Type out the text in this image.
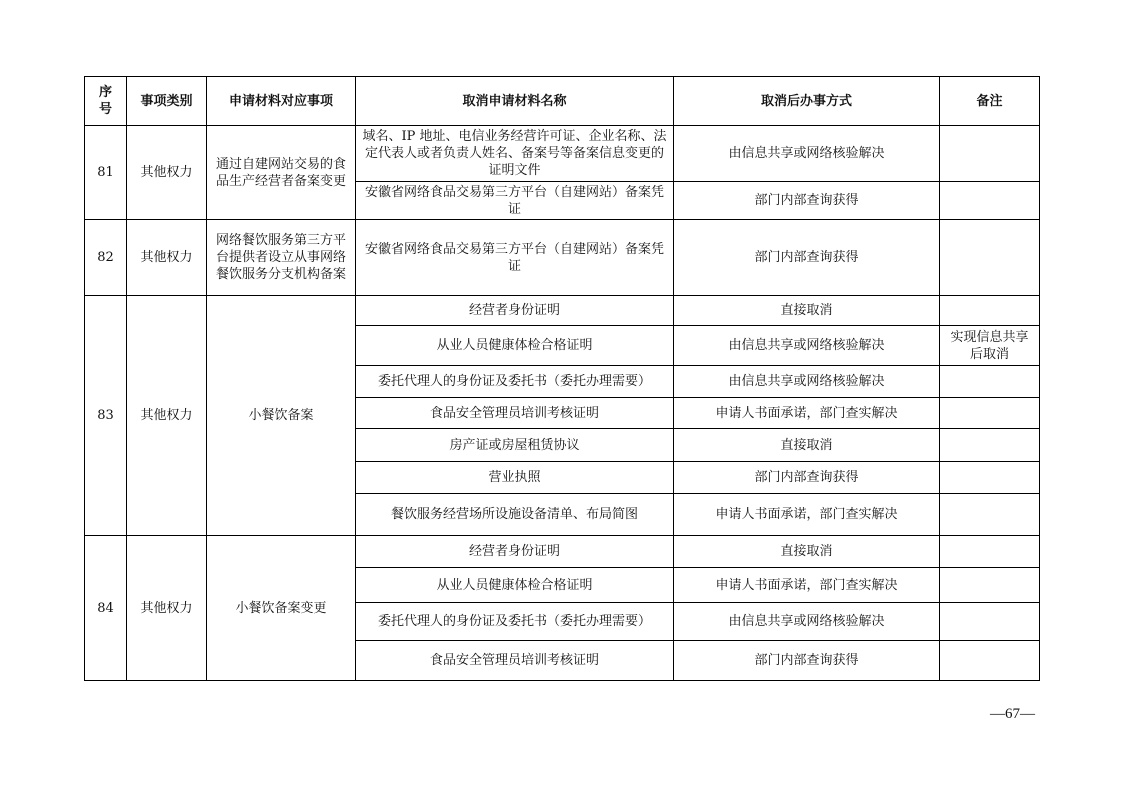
序号	事项类别	申请材料对应事项	取消申请材料名称	取消后办事方式	备注
81	其他权力	通过自建网站交易的食品生产经营者备案变更	域名、IP 地址、电信业务经营许可证、企业名称、法定代表人或者负责人姓名、备案号等备案信息变更的证明文件	由信息共享或网络核验解决	
			安徽省网络食品交易第三方平台（自建网站）备案凭证	部门内部查询获得	
82	其他权力	网络餐饮服务第三方平台提供者设立从事网络餐饮服务分支机构备案	安徽省网络食品交易第三方平台（自建网站）备案凭证	部门内部查询获得	
83	其他权力	小餐饮备案	经营者身份证明	直接取消	
			从业人员健康体检合格证明	由信息共享或网络核验解决	实现信息共享后取消
			委托代理人的身份证及委托书（委托办理需要）	由信息共享或网络核验解决	
			食品安全管理员培训考核证明	申请人书面承诺，部门查实解决	
			房产证或房屋租赁协议	直接取消	
			营业执照	部门内部查询获得	
			餐饮服务经营场所设施设备清单、布局简图	申请人书面承诺，部门查实解决	
84	其他权力	小餐饮备案变更	经营者身份证明	直接取消	
			从业人员健康体检合格证明	申请人书面承诺，部门查实解决	
			委托代理人的身份证及委托书（委托办理需要）	由信息共享或网络核验解决	
			食品安全管理员培训考核证明	部门内部查询获得	
—67—
